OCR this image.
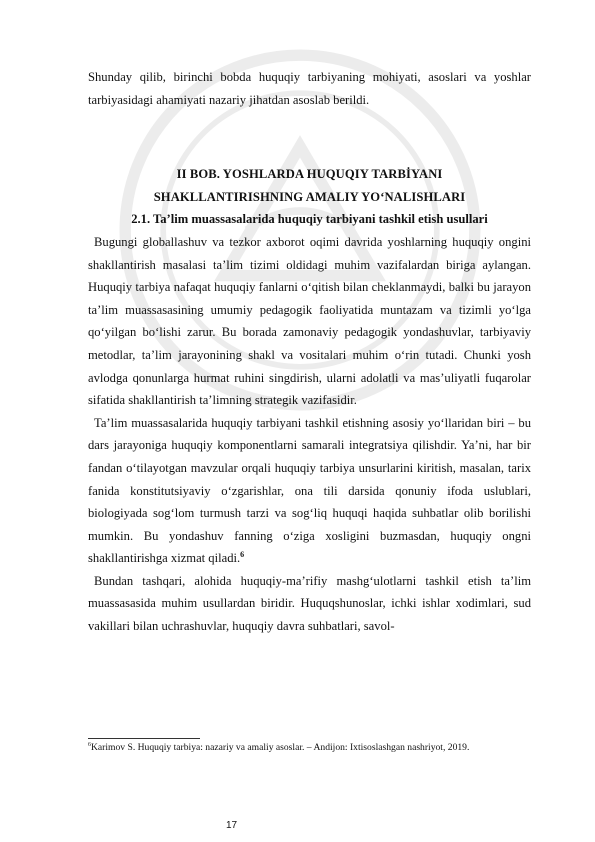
Shunday qilib, birinchi bobda huquqiy tarbiyaning mohiyati, asoslari va yoshlar tarbiyasidagi ahamiyati nazariy jihatdan asoslab berildi.

II BOB. YOSHLARDA HUQUQIY TARBİYANI

SHAKLLANTIRISHNING AMALIY YO‘NALISHLARI

2.1. Ta’lim muassasalarida huquqiy tarbiyani tashkil etish usullari

Bugungi globallashuv va tezkor axborot oqimi davrida yoshlarning huquqiy ongini shakllantirish masalasi ta’lim tizimi oldidagi muhim vazifalardan biriga aylangan. Huquqiy tarbiya nafaqat huquqiy fanlarni o‘qitish bilan cheklanmaydi, balki bu jarayon ta’lim muassasasining umumiy pedagogik faoliyatida muntazam va tizimli yo‘lga qo‘yilgan bo‘lishi zarur. Bu borada zamonaviy pedagogik yondashuvlar, tarbiyaviy metodlar, ta’lim jarayonining shakl va vositalari muhim o‘rin tutadi. Chunki yosh avlodga qonunlarga hurmat ruhini singdirish, ularni adolatli va mas’uliyatli fuqarolar sifatida shakllantirish ta’limning strategik vazifasidir.

Ta’lim muassasalarida huquqiy tarbiyani tashkil etishning asosiy yo‘llaridan biri – bu dars jarayoniga huquqiy komponentlarni samarali integratsiya qilishdir. Ya’ni, har bir fandan o‘tilayotgan mavzular orqali huquqiy tarbiya unsurlarini kiritish, masalan, tarix fanida konstitutsiyaviy o‘zgarishlar, ona tili darsida qonuniy ifoda uslublari, biologiyada sog‘lom turmush tarzi va sog‘liq huquqi haqida suhbatlar olib borilishi mumkin. Bu yondashuv fanning o‘ziga xosligini buzmasdan, huquqiy ongni shakllantirishga xizmat qiladi.$^6$

Bundan tashqari, alohida huquqiy-ma’rifiy mashg‘ulotlarni tashkil etish ta’lim muassasasida muhim usullardan biridir. Huquqshunoslar, ichki ishlar xodimlari, sud vakillari bilan uchrashuvlar, huquqiy davra suhbatlari, savol-

$^6$Karimov S. Huquqiy tarbiya: nazariy va amaliy asoslar. – Andijon: Ixtisoslashgan nashriyot, 2019.
17
